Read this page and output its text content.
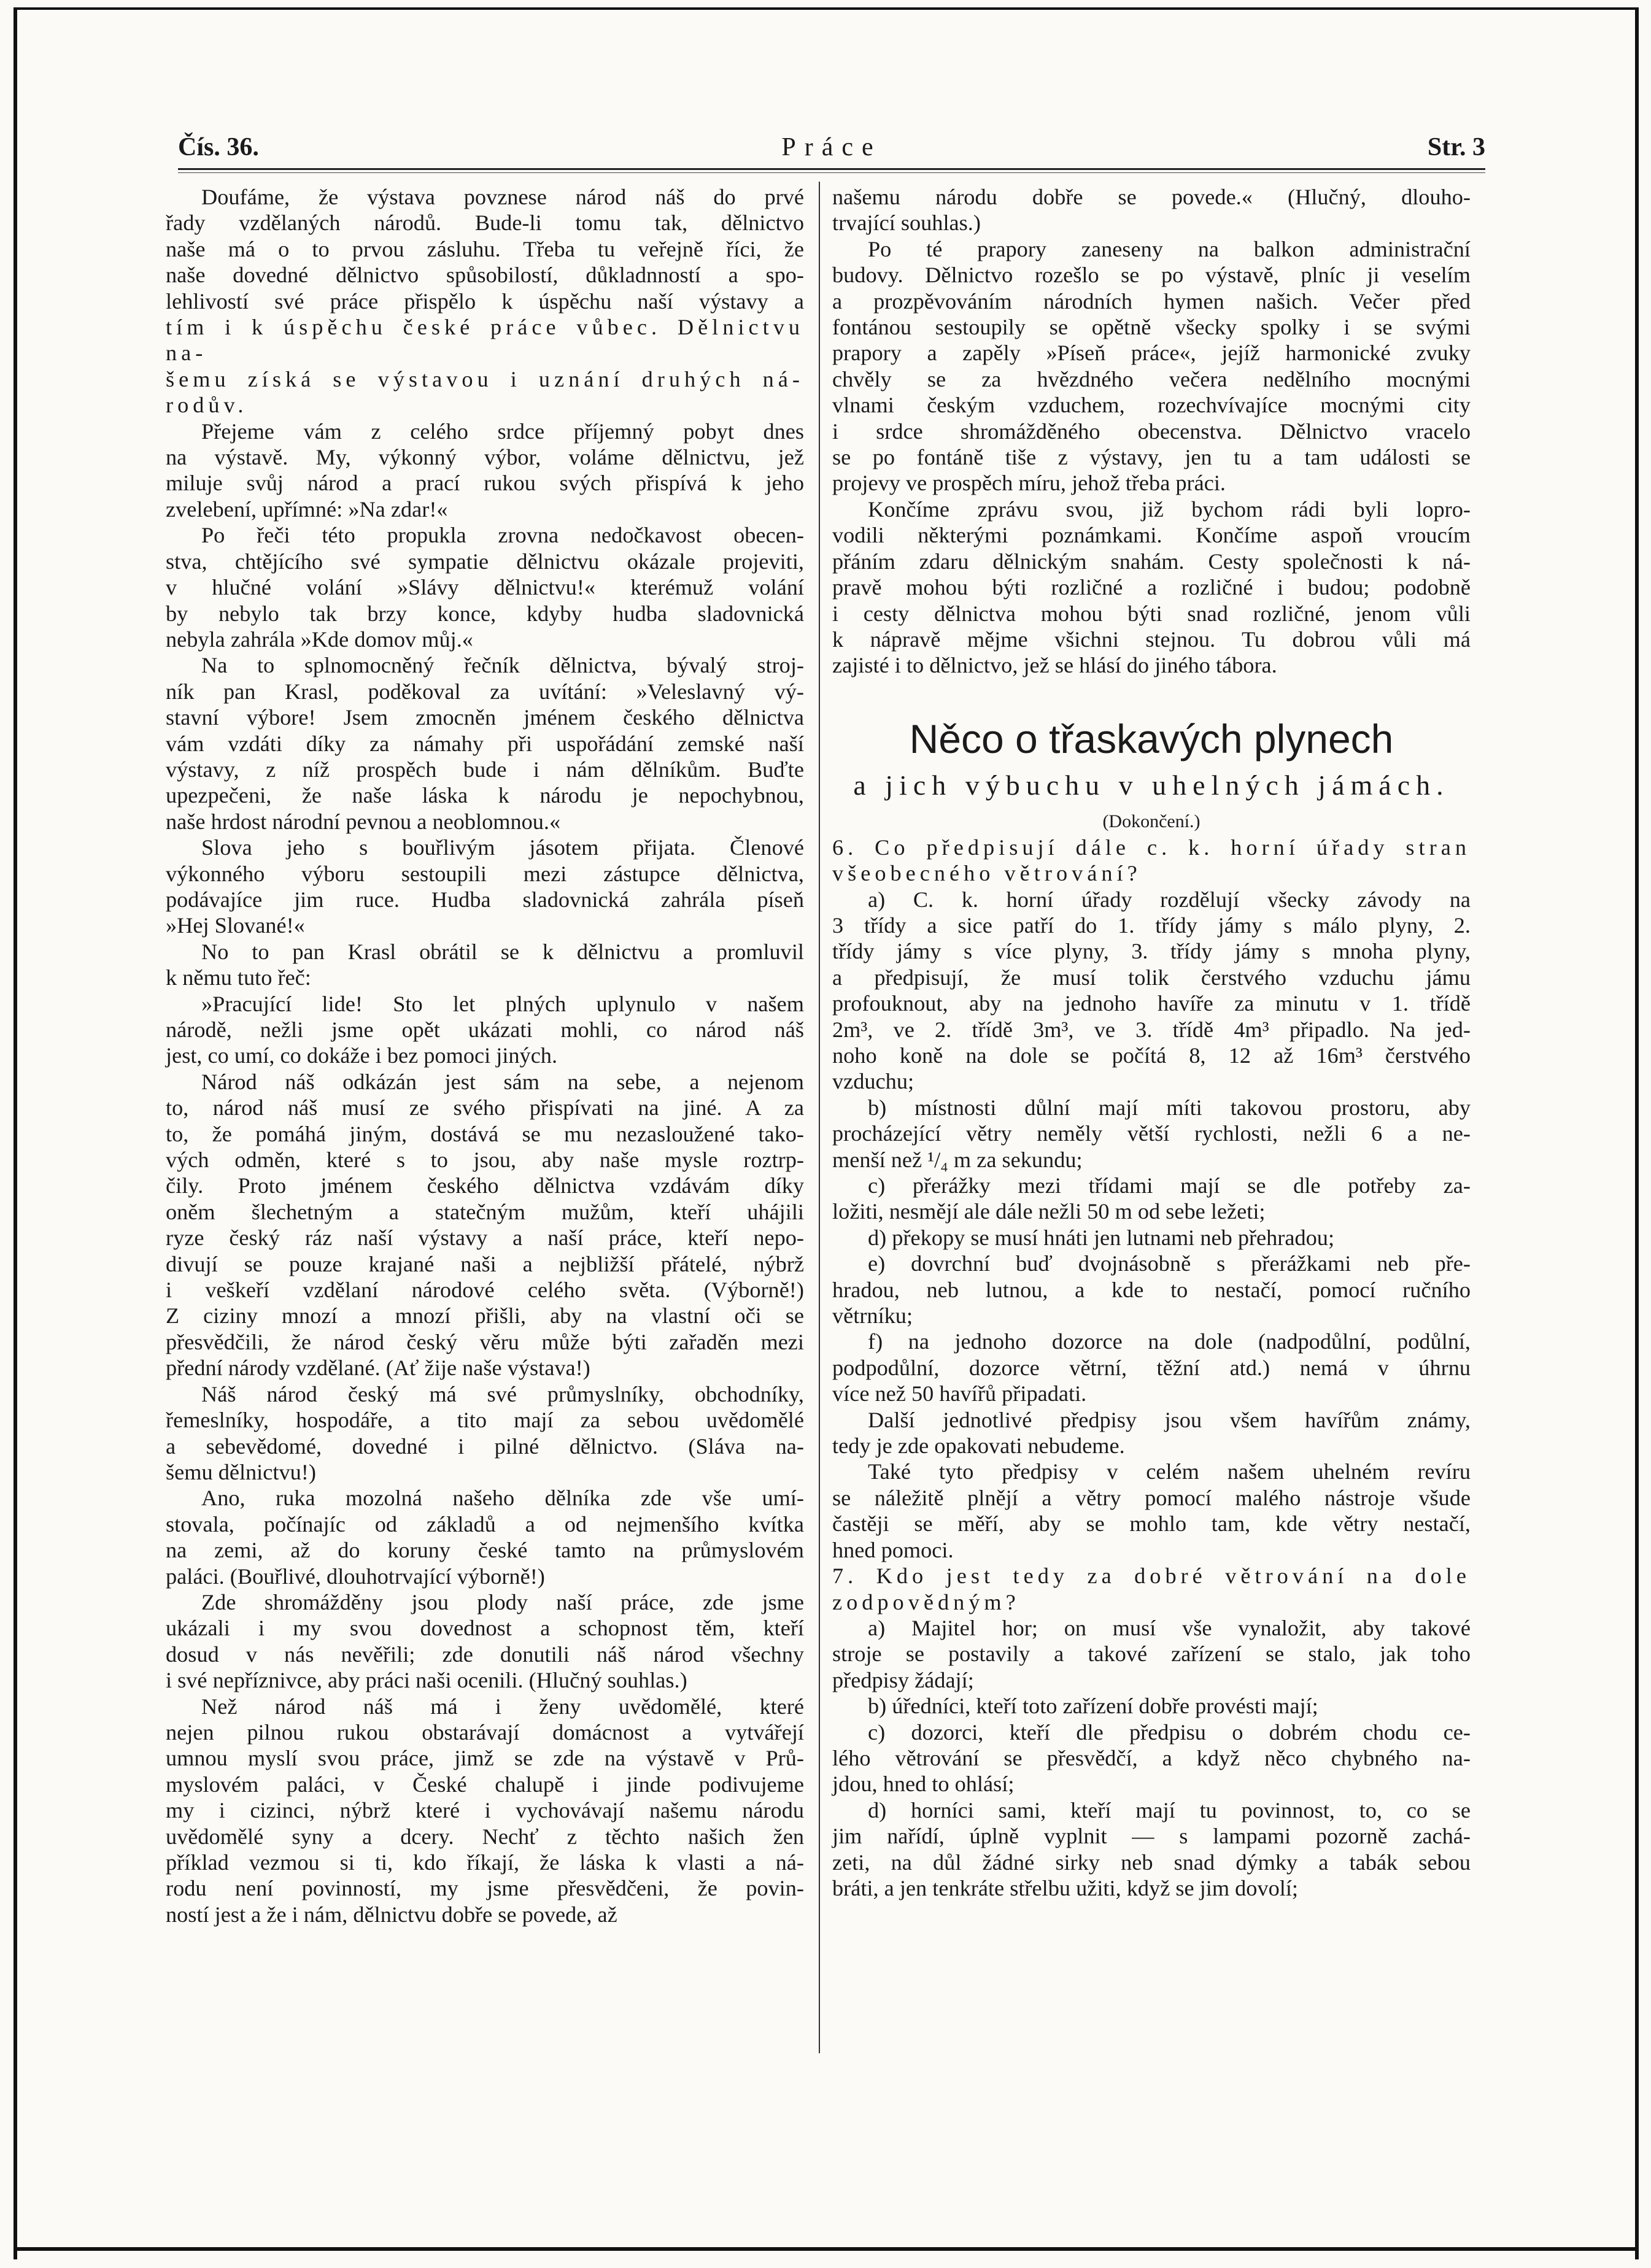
Čís. 36.	Práce	Str. 3

Doufáme, že výstava povznese národ náš do prvé

řady vzdělaných národů. Bude-li tomu tak, dělnictvo

naše má o to prvou zásluhu. Třeba tu veřejně říci, že

naše dovedné dělnictvo spůsobilostí, důkladnností a spo-

lehlivostí své práce přispělo k úspěchu naší výstavy a

tím i k úspěchu české práce vůbec. Dělnictvu na-

šemu získá se výstavou i uznání druhých ná-

rodův.

Přejeme vám z celého srdce příjemný pobyt dnes

na výstavě. My, výkonný výbor, voláme dělnictvu, jež

miluje svůj národ a prací rukou svých přispívá k jeho

zvelebení, upřímné: »Na zdar!«

Po řeči této propukla zrovna nedočkavost obecen-

stva, chtějícího své sympatie dělnictvu okázale projeviti,

v hlučné volání »Slávy dělnictvu!« kterémuž volání

by nebylo tak brzy konce, kdyby hudba sladovnická

nebyla zahrála »Kde domov můj.«

Na to splnomocněný řečník dělnictva, bývalý stroj-

ník pan Krasl, poděkoval za uvítání: »Veleslavný vý-

stavní výbore! Jsem zmocněn jménem českého dělnictva

vám vzdáti díky za námahy při uspořádání zemské naší

výstavy, z níž prospěch bude i nám dělníkům. Buďte

upezpečeni, že naše láska k národu je nepochybnou,

naše hrdost národní pevnou a neoblomnou.«

Slova jeho s bouřlivým jásotem přijata. Členové

výkonného výboru sestoupili mezi zástupce dělnictva,

podávajíce jim ruce. Hudba sladovnická zahrála píseň

»Hej Slované!«

No to pan Krasl obrátil se k dělnictvu a promluvil

k němu tuto řeč:

»Pracující lide! Sto let plných uplynulo v našem

národě, nežli jsme opět ukázati mohli, co národ náš

jest, co umí, co dokáže i bez pomoci jiných.

Národ náš odkázán jest sám na sebe, a nejenom

to, národ náš musí ze svého přispívati na jiné. A za

to, že pomáhá jiným, dostává se mu nezasloužené tako-

vých odměn, které s to jsou, aby naše mysle roztrp-

čily. Proto jménem českého dělnictva vzdávám díky

oněm šlechetným a statečným mužům, kteří uhájili

ryze český ráz naší výstavy a naší práce, kteří nepo-

divují se pouze krajané naši a nejbližší přátelé, nýbrž

i veškeří vzdělaní národové celého světa. (Výborně!)

Z ciziny mnozí a mnozí přišli, aby na vlastní oči se

přesvědčili, že národ český věru může býti zařaděn mezi

přední národy vzdělané. (Ať žije naše výstava!)

Náš národ český má své průmyslníky, obchodníky,

řemeslníky, hospodáře, a tito mají za sebou uvědomělé

a sebevědomé, dovedné i pilné dělnictvo. (Sláva na-

šemu dělnictvu!)

Ano, ruka mozolná našeho dělníka zde vše umí-

stovala, počínajíc od základů a od nejmenšího kvítka

na zemi, až do koruny české tamto na průmyslovém

paláci. (Bouřlivé, dlouhotrvající výborně!)

Zde shromážděny jsou plody naší práce, zde jsme

ukázali i my svou dovednost a schopnost těm, kteří

dosud v nás nevěřili; zde donutili náš národ všechny

i své nepříznivce, aby práci naši ocenili. (Hlučný souhlas.)

Než národ náš má i ženy uvědomělé, které

nejen pilnou rukou obstarávají domácnost a vytvářejí

umnou myslí svou práce, jimž se zde na výstavě v Prů-

myslovém paláci, v České chalupě i jinde podivujeme

my i cizinci, nýbrž které i vychovávají našemu národu

uvědomělé syny a dcery. Nechť z těchto našich žen

příklad vezmou si ti, kdo říkají, že láska k vlasti a ná-

rodu není povinností, my jsme přesvědčeni, že povin-

ností jest a že i nám, dělnictvu dobře se povede, až

našemu národu dobře se povede.« (Hlučný, dlouho-

trvající souhlas.)

Po té prapory zaneseny na balkon administrační

budovy. Dělnictvo rozešlo se po výstavě, plníc ji veselím

a prozpěvováním národních hymen našich. Večer před

fontánou sestoupily se opětně všecky spolky i se svými

prapory a zapěly »Píseň práce«, jejíž harmonické zvuky

chvěly se za hvězdného večera nedělního mocnými

vlnami českým vzduchem, rozechvívajíce mocnými city

i srdce shromážděného obecenstva. Dělnictvo vracelo

se po fontáně tiše z výstavy, jen tu a tam události se

projevy ve prospěch míru, jehož třeba práci.

Končíme zprávu svou, již bychom rádi byli lopro-

vodili některými poznámkami. Končíme aspoň vroucím

přáním zdaru dělnickým snahám. Cesty společnosti k ná-

pravě mohou býti rozličné a rozličné i budou; podobně

i cesty dělnictva mohou býti snad rozličné, jenom vůli

k nápravě mějme všichni stejnou. Tu dobrou vůli má

zajisté i to dělnictvo, jež se hlásí do jiného tábora.

Něco o třaskavých plynech
a jich výbuchu v uhelných jámách.
(Dokončení.)

6. Co předpisují dále c. k. horní úřady stran

všeobecného větrování?

a) C. k. horní úřady rozdělují všecky závody na

3 třídy a sice patří do 1. třídy jámy s málo plyny, 2.

třídy jámy s více plyny, 3. třídy jámy s mnoha plyny,

a předpisují, že musí tolik čerstvého vzduchu jámu

profouknout, aby na jednoho havíře za minutu v 1. třídě

2m³, ve 2. třídě 3m³, ve 3. třídě 4m³ připadlo. Na jed-

noho koně na dole se počítá 8, 12 až 16m³ čerstvého

vzduchu;

b) místnosti důlní mají míti takovou prostoru, aby

procházející větry neměly větší rychlosti, nežli 6 a ne-

menší než ¹/₄ m za sekundu;

c) přerážky mezi třídami mají se dle potřeby za-

ložiti, nesmějí ale dále nežli 50 m od sebe ležeti;

d) překopy se musí hnáti jen lutnami neb přehradou;

e) dovrchní buď dvojnásobně s přerážkami neb pře-

hradou, neb lutnou, a kde to nestačí, pomocí ručního

větrníku;

f) na jednoho dozorce na dole (nadpodůlní, podůlní,

podpodůlní, dozorce větrní, těžní atd.) nemá v úhrnu

více než 50 havířů připadati.

Další jednotlivé předpisy jsou všem havířům známy,

tedy je zde opakovati nebudeme.

Také tyto předpisy v celém našem uhelném revíru

se náležitě plnějí a větry pomocí malého nástroje všude

častěji se měří, aby se mohlo tam, kde větry nestačí,

hned pomoci.

7. Kdo jest tedy za dobré větrování na dole

zodpovědným?

a) Majitel hor; on musí vše vynaložit, aby takové

stroje se postavily a takové zařízení se stalo, jak toho

předpisy žádají;

b) úředníci, kteří toto zařízení dobře provésti mají;

c) dozorci, kteří dle předpisu o dobrém chodu ce-

lého větrování se přesvědčí, a když něco chybného na-

jdou, hned to ohlásí;

d) horníci sami, kteří mají tu povinnost, to, co se

jim nařídí, úplně vyplnit — s lampami pozorně zachá-

zeti, na důl žádné sirky neb snad dýmky a tabák sebou

bráti, a jen tenkráte střelbu užiti, když se jim dovolí;
